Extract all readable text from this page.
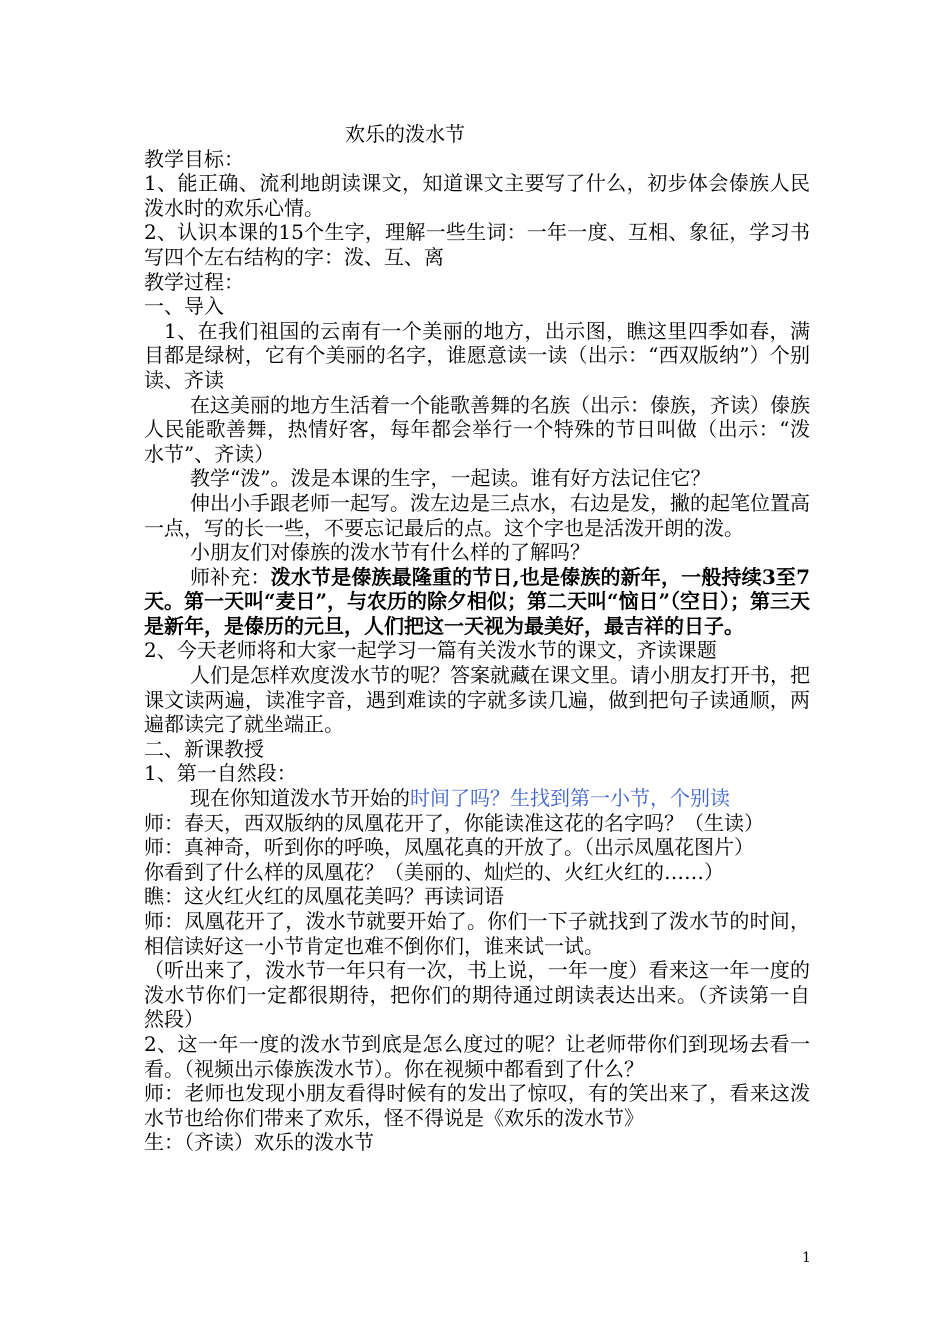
欢乐的泼水节

教学目标：

1、能正确、流利地朗读课文，知道课文主要写了什么，初步体会傣族人民泼水时的欢乐心情。

2、认识本课的15个生字，理解一些生词：一年一度、互相、象征，学习书写四个左右结构的字：泼、互、离

教学过程：

一、导入

1、在我们祖国的云南有一个美丽的地方，出示图，瞧这里四季如春，满目都是绿树，它有个美丽的名字，谁愿意读一读（出示：“西双版纳”）个别读、齐读

在这美丽的地方生活着一个能歌善舞的名族（出示：傣族，齐读）傣族人民能歌善舞，热情好客，每年都会举行一个特殊的节日叫做（出示：“泼水节”、齐读）

教学“泼”。泼是本课的生字，一起读。谁有好方法记住它？

伸出小手跟老师一起写。泼左边是三点水，右边是发，撇的起笔位置高一点，写的长一些，不要忘记最后的点。这个字也是活泼开朗的泼。

小朋友们对傣族的泼水节有什么样的了解吗？

师补充：泼水节是傣族最隆重的节日,也是傣族的新年，一般持续3至7天。第一天叫“麦日”，与农历的除夕相似；第二天叫“恼日”（空日）；第三天是新年，是傣历的元旦，人们把这一天视为最美好，最吉祥的日子。

2、今天老师将和大家一起学习一篇有关泼水节的课文，齐读课题

人们是怎样欢度泼水节的呢？答案就藏在课文里。请小朋友打开书，把课文读两遍，读准字音，遇到难读的字就多读几遍，做到把句子读通顺，两遍都读完了就坐端正。

二、新课教授

1、第一自然段：

现在你知道泼水节开始的时间了吗？生找到第一小节，个别读

师：春天，西双版纳的凤凰花开了，你能读准这花的名字吗？（生读）

师：真神奇，听到你的呼唤，凤凰花真的开放了。（出示凤凰花图片）

你看到了什么样的凤凰花？（美丽的、灿烂的、火红火红的……）

瞧：这火红火红的凤凰花美吗？再读词语

师：凤凰花开了，泼水节就要开始了。你们一下子就找到了泼水节的时间，相信读好这一小节肯定也难不倒你们，谁来试一试。

（听出来了，泼水节一年只有一次，书上说，一年一度）看来这一年一度的泼水节你们一定都很期待，把你们的期待通过朗读表达出来。（齐读第一自然段）

2、这一年一度的泼水节到底是怎么度过的呢？让老师带你们到现场去看一看。（视频出示傣族泼水节）。你在视频中都看到了什么？

师：老师也发现小朋友看得时候有的发出了惊叹，有的笑出来了，看来这泼水节也给你们带来了欢乐，怪不得说是《欢乐的泼水节》

生：（齐读）欢乐的泼水节

1
